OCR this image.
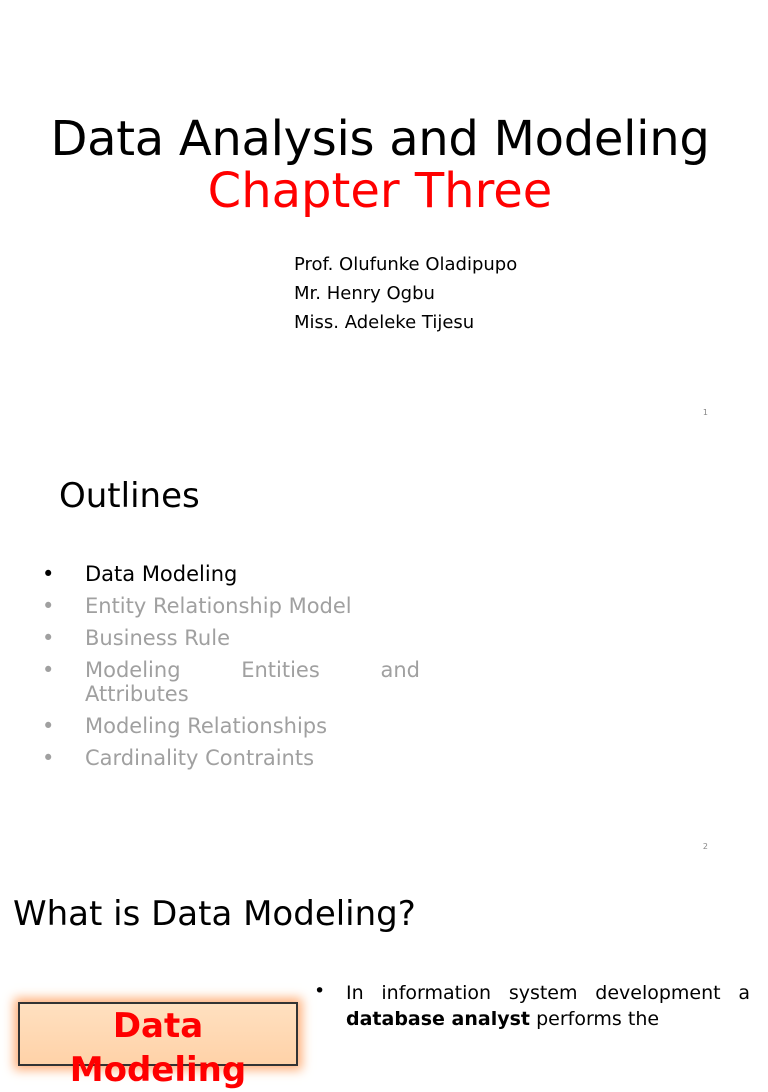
Data Analysis and Modeling
Chapter Three
Prof. Olufunke Oladipupo
Mr. Henry Ogbu
Miss. Adeleke Tijesu
1
Outlines
• Data Modeling
• Entity Relationship Model
• Business Rule
• Modeling Entities and Attributes
• Modeling Relationships
• Cardinality Contraints
2
What is Data Modeling?
Data Modeling
• In information system development a database analyst performs the
